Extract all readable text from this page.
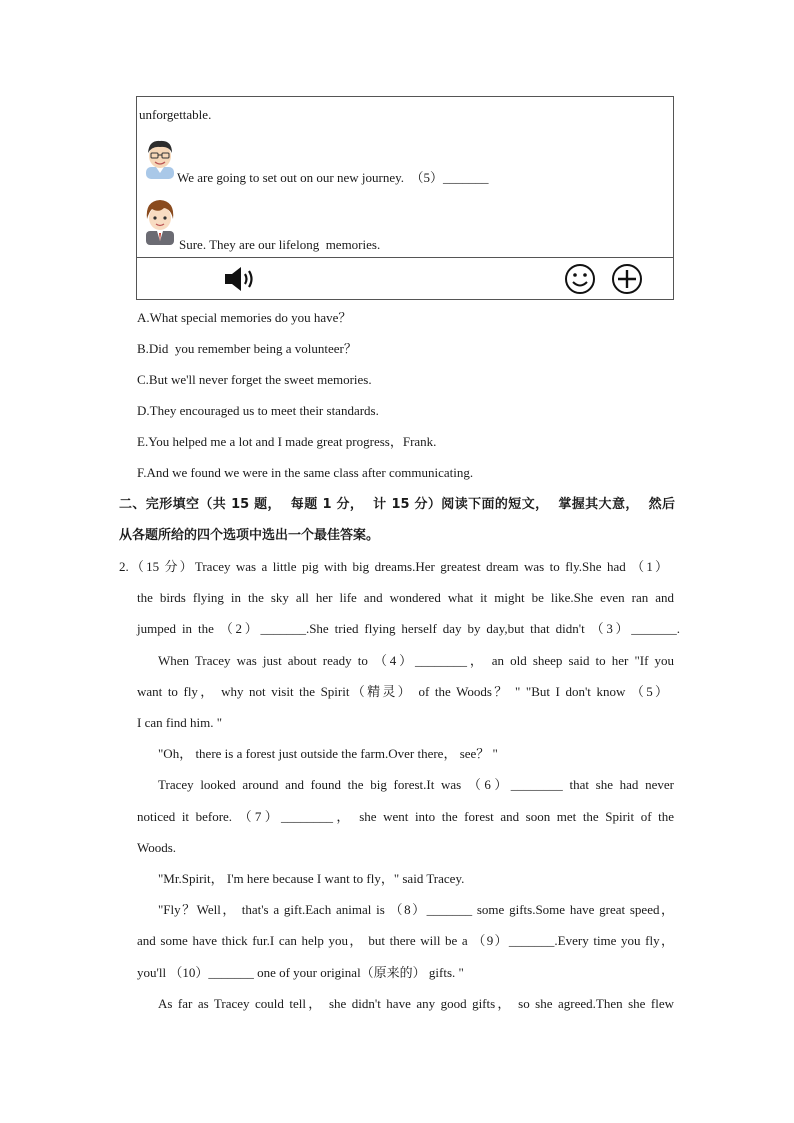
unforgettable.
We are going to set out on our new journey.  （5）_______
Sure. They are our lifelong  memories.
A.What special memories do you have？
B.Did  you remember being a volunteer？
C.But we'll never forget the sweet memories.
D.They encouraged us to meet their standards.
E.You helped me a lot and I made great progress，Frank.
F.And we found we were in the same class after communicating.
二、完形填空（共 15 题，  每题 1 分，  计 15 分）阅读下面的短文，  掌握其大意，  然后
从各题所给的四个选项中选出一个最佳答案。
2.（15 分）Tracey was a little pig with big dreams.Her greatest dream was to fly.She had （1）
the birds flying in the sky all her life and wondered what it might be like.She even ran and
jumped in the （2）_______.She tried flying herself day by day,but that didn't （3）_______.
When Tracey was just about ready to （4）________， an old sheep said to her "If you
want to fly， why not visit the Spirit（精灵） of the Woods？ " "But I don't know （5）
I can find him. "
"Oh， there is a forest just outside the farm.Over there， see？ "
Tracey looked around and found the big forest.It was （6）________ that she had never
noticed it before. （7）________， she went into the forest and soon met the Spirit of the
Woods.
"Mr.Spirit， I'm here because I want to fly，" said Tracey.
"Fly？Well， that's a gift.Each animal is （8）_______ some gifts.Some have great speed，
and some have thick fur.I can help you， but there will be a （9）_______.Every time you fly，
you'll （10）_______ one of your original（原来的） gifts. "
As far as Tracey could tell， she didn't have any good gifts， so she agreed.Then she flew
